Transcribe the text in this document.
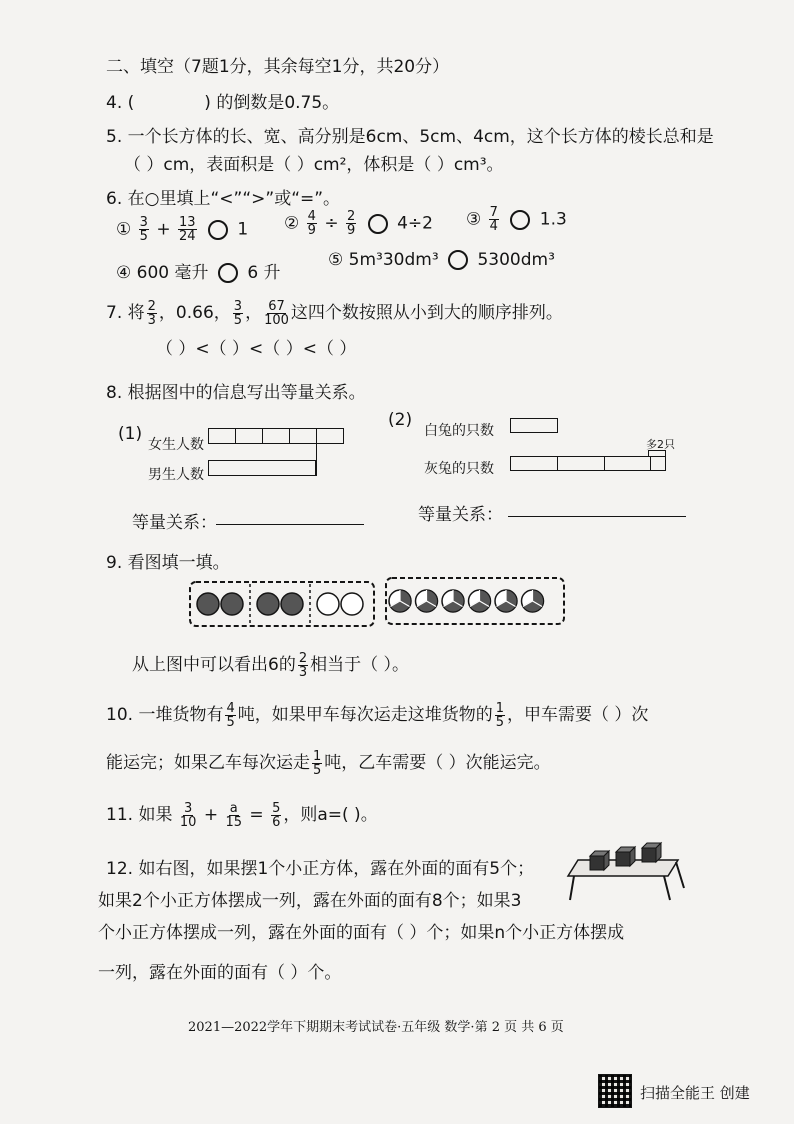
二、填空（7题1分，其余每空1分，共20分）
4. (	) 的倒数是0.75。
5. 一个长方体的长、宽、高分别是6cm、5cm、4cm，这个长方体的棱长总和是
（ ）cm，表面积是（ ）cm²，体积是（ ）cm³。
6. 在○里填上“<”“>”或“=”。
① $\frac{3}{5} + \frac{13}{24} 1$ ② $\frac{4}{9} \div \frac{2}{9} 4\div 2$ ③ $\frac{7}{4} 1.3$
④ 600 毫升 6 升
⑤ 5m³30dm³ 5300dm³
7. 将 $\frac{2}{3}$ ，0.66， $\frac{3}{5}$ ， $\frac{67}{100}$ 这四个数按照从小到大的顺序排列。
（ ）<（ ）<（ ）<（ ）
8. 根据图中的信息写出等量关系。
(1)
女生人数
男生人数
等量关系：
(2)
白兔的只数
多2只
灰兔的只数
等量关系：
9. 看图填一填。
从上图中可以看出6的 $\frac{2}{3}$ 相当于（ ）。
10. 一堆货物有 $\frac{4}{5}$ 吨，如果甲车每次运走这堆货物的 $\frac{1}{5}$ ，甲车需要（ ）次
能运完；如果乙车每次运走 $\frac{1}{5}$ 吨，乙车需要（ ）次能运完。
11. 如果 $\frac{3}{10} + \frac{a}{15} = \frac{5}{6}$ ，则a=( )。
12. 如右图，如果摆1个小正方体，露在外面的面有5个；
如果2个小正方体摆成一列，露在外面的面有8个；如果3
个小正方体摆成一列，露在外面的面有（ ）个；如果n个小正方体摆成
一列，露在外面的面有（ ）个。
2021—2022学年下期期末考试试卷·五年级 数学·第 2 页 共 6 页
扫描全能王 创建
